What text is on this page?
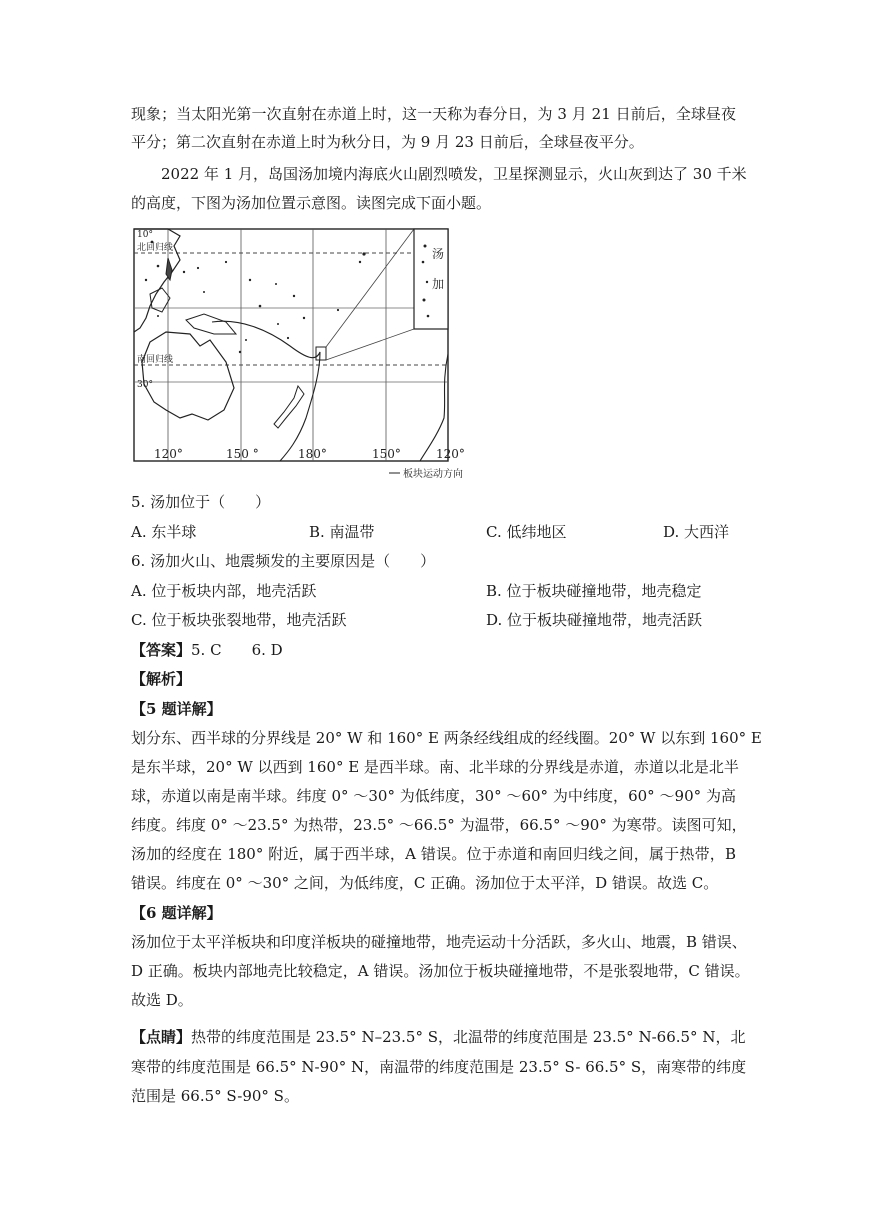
现象；当太阳光第一次直射在赤道上时，这一天称为春分日，为 3 月 21 日前后，全球昼夜
平分；第二次直射在赤道上时为秋分日，为 9 月 23 日前后，全球昼夜平分。
2022 年 1 月，岛国汤加境内海底火山剧烈喷发，卫星探测显示，火山灰到达了 30 千米
的高度，下图为汤加位置示意图。读图完成下面小题。
10°
北回归线
南回归线
30°
120°	150 °	180°	150°	120°
汤
加
板块运动方向
5. 汤加位于（　　）
A. 东半球	B. 南温带	C. 低纬地区	D. 大西洋
6. 汤加火山、地震频发的主要原因是（　　）
A. 位于板块内部，地壳活跃	B. 位于板块碰撞地带，地壳稳定
C. 位于板块张裂地带，地壳活跃	D. 位于板块碰撞地带，地壳活跃
【答案】5. C　　6. D
【解析】
【5 题详解】
划分东、西半球的分界线是 20° W 和 160° E 两条经线组成的经线圈。20° W 以东到 160° E
是东半球，20° W 以西到 160° E 是西半球。南、北半球的分界线是赤道，赤道以北是北半
球，赤道以南是南半球。纬度 0° ～30° 为低纬度，30° ～60° 为中纬度，60° ～90° 为高
纬度。纬度 0° ～23.5° 为热带，23.5° ～66.5° 为温带，66.5° ～90° 为寒带。读图可知，
汤加的经度在 180° 附近，属于西半球，A 错误。位于赤道和南回归线之间，属于热带，B
错误。纬度在 0° ～30° 之间，为低纬度，C 正确。汤加位于太平洋，D 错误。故选 C。
【6 题详解】
汤加位于太平洋板块和印度洋板块的碰撞地带，地壳运动十分活跃，多火山、地震，B 错误、
D 正确。板块内部地壳比较稳定，A 错误。汤加位于板块碰撞地带，不是张裂地带，C 错误。
故选 D。
【点睛】热带的纬度范围是 23.5° N–23.5° S，北温带的纬度范围是 23.5° N-66.5° N，北
寒带的纬度范围是 66.5° N-90° N，南温带的纬度范围是 23.5° S- 66.5° S，南寒带的纬度
范围是 66.5° S-90° S。
